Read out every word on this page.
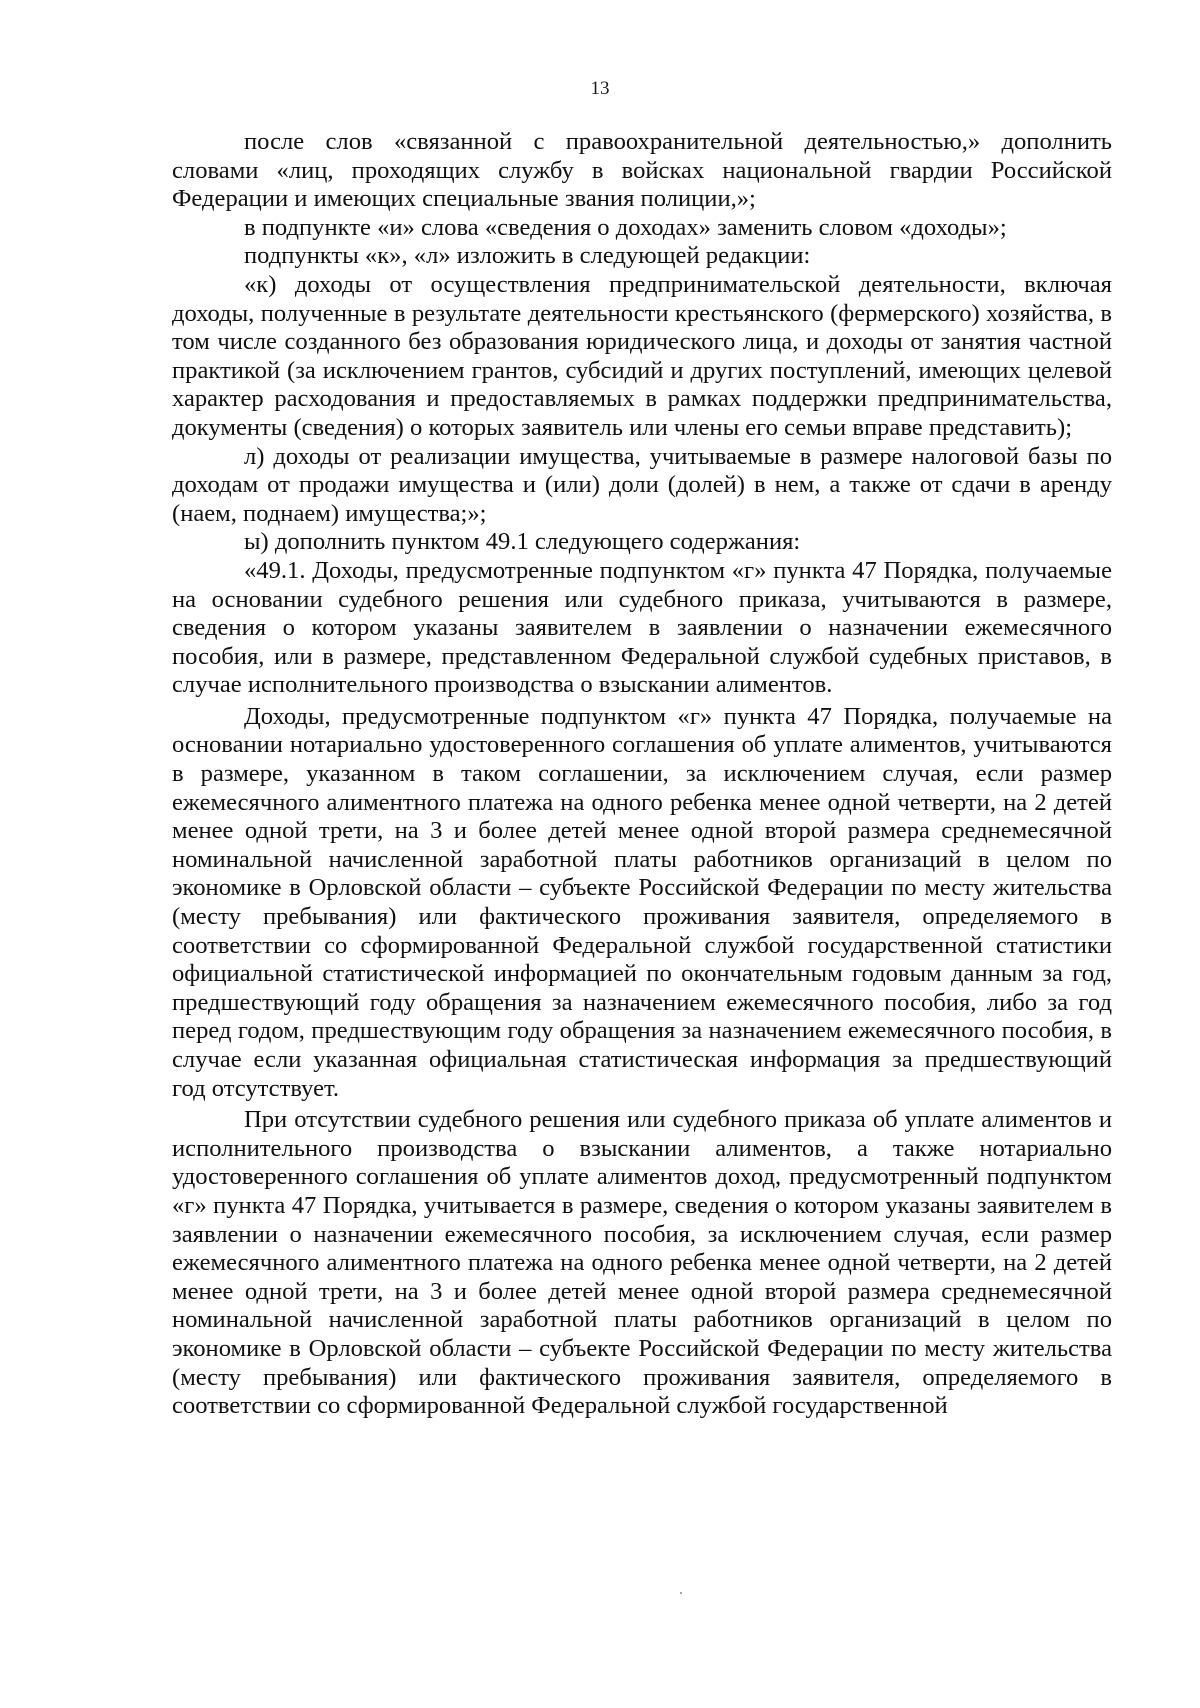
13

после слов «связанной с правоохранительной деятельностью,» дополнить словами «лиц, проходящих службу в войсках национальной гвардии Российской Федерации и имеющих специальные звания полиции,»;

в подпункте «и» слова «сведения о доходах» заменить словом «доходы»;

подпункты «к», «л» изложить в следующей редакции:

«к) доходы от осуществления предпринимательской деятельности, включая доходы, полученные в результате деятельности крестьянского (фермерского) хозяйства, в том числе созданного без образования юридического лица, и доходы от занятия частной практикой (за исключением грантов, субсидий и других поступлений, имеющих целевой характер расходования и предоставляемых в рамках поддержки предпринимательства, документы (сведения) о которых заявитель или члены его семьи вправе представить);

л) доходы от реализации имущества, учитываемые в размере налоговой базы по доходам от продажи имущества и (или) доли (долей) в нем, а также от сдачи в аренду (наем, поднаем) имущества;»;

ы) дополнить пунктом 49.1 следующего содержания:

«49.1. Доходы, предусмотренные подпунктом «г» пункта 47 Порядка, получаемые на основании судебного решения или судебного приказа, учитываются в размере, сведения о котором указаны заявителем в заявлении о назначении ежемесячного пособия, или в размере, представленном Федеральной службой судебных приставов, в случае исполнительного производства о взыскании алиментов.

Доходы, предусмотренные подпунктом «г» пункта 47 Порядка, получаемые на основании нотариально удостоверенного соглашения об уплате алиментов, учитываются в размере, указанном в таком соглашении, за исключением случая, если размер ежемесячного алиментного платежа на одного ребенка менее одной четверти, на 2 детей менее одной трети, на 3 и более детей менее одной второй размера среднемесячной номинальной начисленной заработной платы работников организаций в целом по экономике в Орловской области – субъекте Российской Федерации по месту жительства (месту пребывания) или фактического проживания заявителя, определяемого в соответствии со сформированной Федеральной службой государственной статистики официальной статистической информацией по окончательным годовым данным за год, предшествующий году обращения за назначением ежемесячного пособия, либо за год перед годом, предшествующим году обращения за назначением ежемесячного пособия, в случае если указанная официальная статистическая информация за предшествующий год отсутствует.

При отсутствии судебного решения или судебного приказа об уплате алиментов и исполнительного производства о взыскании алиментов, а также нотариально удостоверенного соглашения об уплате алиментов доход, предусмотренный подпунктом «г» пункта 47 Порядка, учитывается в размере, сведения о котором указаны заявителем в заявлении о назначении ежемесячного пособия, за исключением случая, если размер ежемесячного алиментного платежа на одного ребенка менее одной четверти, на 2 детей менее одной трети, на 3 и более детей менее одной второй размера среднемесячной номинальной начисленной заработной платы работников организаций в целом по экономике в Орловской области – субъекте Российской Федерации по месту жительства (месту пребывания) или фактического проживания заявителя, определяемого в соответствии со сформированной Федеральной службой государственной
